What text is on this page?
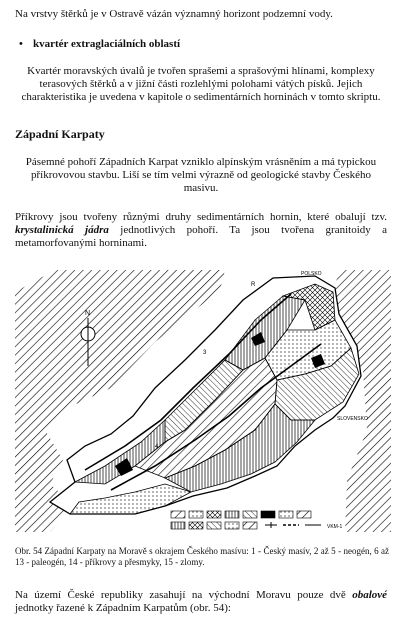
Na vrstvy štěrků je v Ostravě vázán významný horizont podzemní vody.

• kvartér extraglaciálních oblastí

Kvartér moravských úvalů je tvořen sprašemi a sprašovými hlínami, komplexy terasových štěrků a v jižní části rozlehlými polohami vátých písků. Jejich charakteristika je uvedena v kapitole o sedimentárních horninách v tomto skriptu.

Západní Karpaty

Pásemné pohoří Západních Karpat vzniklo alpínským vrásněním a má typickou příkrovovou stavbu. Liší se tím velmi výrazně od geologické stavby Českého masivu.

Příkrovy jsou tvořeny různými druhy sedimentárních hornin, které obalují tzv. krystalinická jádra jednotlivých pohoří. Ta jsou tvořena granitoidy a metamorfovanými horninami.

N
POLSKO
SLOVENSKO
R
3
4
VKM-1

Obr. 54 Západní Karpaty na Moravě s okrajem Českého masívu: 1 - Český masív, 2 až 5 - neogén, 6 až 13 - paleogén, 14 - příkrovy a přesmyky, 15 - zlomy.

Na území České republiky zasahují na východní Moravu pouze dvě obalové jednotky řazené k Západním Karpatům (obr. 54):
